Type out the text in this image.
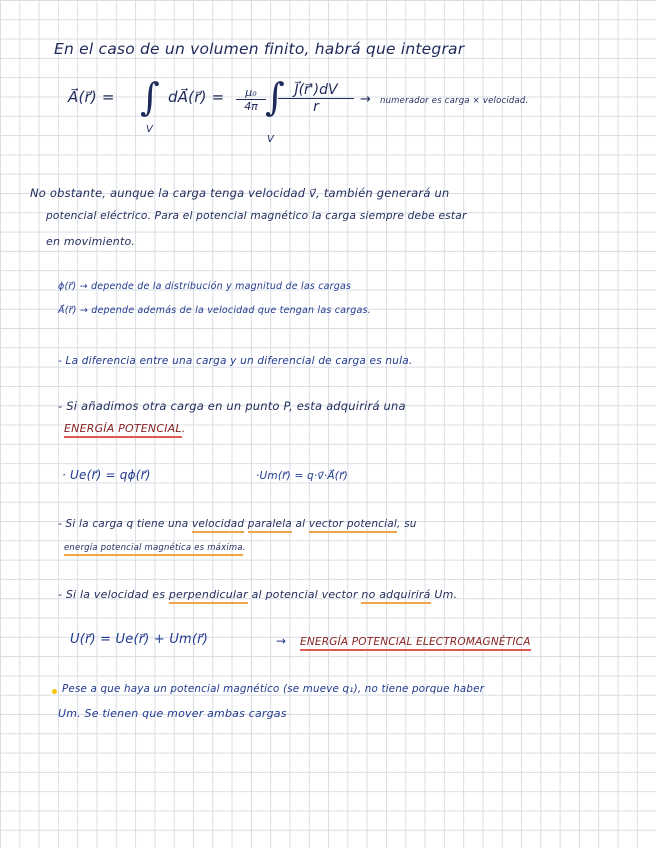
En el caso de un volumen finito, habrá que integrar
A⃗(r⃗) = ∫
V
dA⃗(r⃗) = $\frac{\text{μ₀}}{4\pi}$ ∫
V
$\frac{J⃗(r⃗')dV}{r}$ → numerador es carga × velocidad.
No obstante, aunque la carga tenga velocidad v⃗, también generará un
potencial eléctrico. Para el potencial magnético la carga siempre debe estar
en movimiento.
ϕ(r⃗) → depende de la distribución y magnitud de las cargas
A⃗(r⃗) → depende además de la velocidad que tengan las cargas.
- La diferencia entre una carga y un diferencial de carga es nula.
- Si añadimos otra carga en un punto P, esta adquirirá una
ENERGÍA POTENCIAL.
· Ue(r⃗) = qϕ(r⃗)	·Um(r⃗) = q·v⃗·A⃗(r⃗)
- Si la carga q tiene una velocidad paralela al vector potencial, su
energía potencial magnética es máxima.
- Si la velocidad es perpendicular al potencial vector no adquirirá Um.
U(r⃗) = Ue(r⃗) + Um(r⃗)	→ ENERGÍA POTENCIAL ELECTROMAGNÉTICA
Pese a que haya un potencial magnético (se mueve q₁), no tiene porque haber
Um. Se tienen que mover ambas cargas
